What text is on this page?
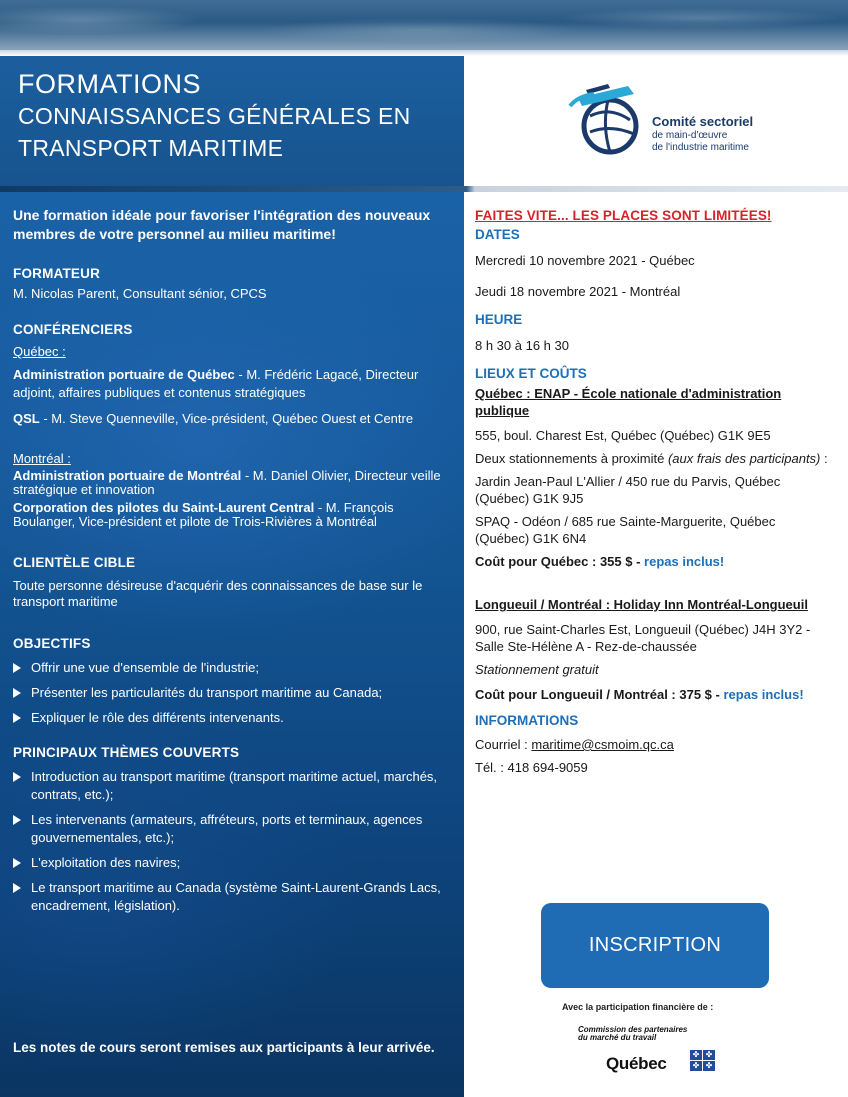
FORMATIONS
CONNAISSANCES GÉNÉRALES EN
TRANSPORT MARITIME
Comité sectoriel
de main-d'œuvre
de l'industrie maritime
Une formation idéale pour favoriser l'intégration des nouveaux membres de votre personnel au milieu maritime!
FORMATEUR
M. Nicolas Parent, Consultant sénior, CPCS
CONFÉRENCIERS
Québec :
Administration portuaire de Québec - M. Frédéric Lagacé, Directeur adjoint, affaires publiques et contenus stratégiques
QSL - M. Steve Quenneville, Vice-président, Québec Ouest et Centre
Montréal :
Administration portuaire de Montréal - M. Daniel Olivier, Directeur veille stratégique et innovation
Corporation des pilotes du Saint-Laurent Central - M. François Boulanger, Vice-président et pilote de Trois-Rivières à Montréal
CLIENTÈLE CIBLE
Toute personne désireuse d'acquérir des connaissances de base sur le transport maritime
OBJECTIFS
Offrir une vue d'ensemble de l'industrie;
Présenter les particularités du transport maritime au Canada;
Expliquer le rôle des différents intervenants.
PRINCIPAUX THÈMES COUVERTS
Introduction au transport maritime (transport maritime actuel, marchés, contrats, etc.);
Les intervenants (armateurs, affréteurs, ports et terminaux, agences gouvernementales, etc.);
L'exploitation des navires;
Le transport maritime au Canada (système Saint-Laurent-Grands Lacs, encadrement, législation).
Les notes de cours seront remises aux participants à leur arrivée.
FAITES VITE... LES PLACES SONT LIMITÉES!
DATES
Mercredi 10 novembre 2021 - Québec
Jeudi 18 novembre 2021 - Montréal
HEURE
8 h 30 à 16 h 30
LIEUX ET COÛTS
Québec : ENAP - École nationale d'administration publique
555, boul. Charest Est, Québec (Québec) G1K 9E5
Deux stationnements à proximité (aux frais des participants) :
Jardin Jean-Paul L'Allier / 450 rue du Parvis, Québec (Québec) G1K 9J5
SPAQ - Odéon / 685 rue Sainte-Marguerite, Québec (Québec) G1K 6N4
Coût pour Québec : 355 $ - repas inclus!
Longueuil / Montréal : Holiday Inn Montréal-Longueuil
900, rue Saint-Charles Est, Longueuil (Québec) J4H 3Y2 - Salle Ste-Hélène A - Rez-de-chaussée
Stationnement gratuit
Coût pour Longueuil / Montréal : 375 $ - repas inclus!
INFORMATIONS
Courriel : maritime@csmoim.qc.ca
Tél. : 418 694-9059
INSCRIPTION
Avec la participation financière de :
Commission des partenaires du marché du travail
Québec	✤ ✤
✤ ✤
